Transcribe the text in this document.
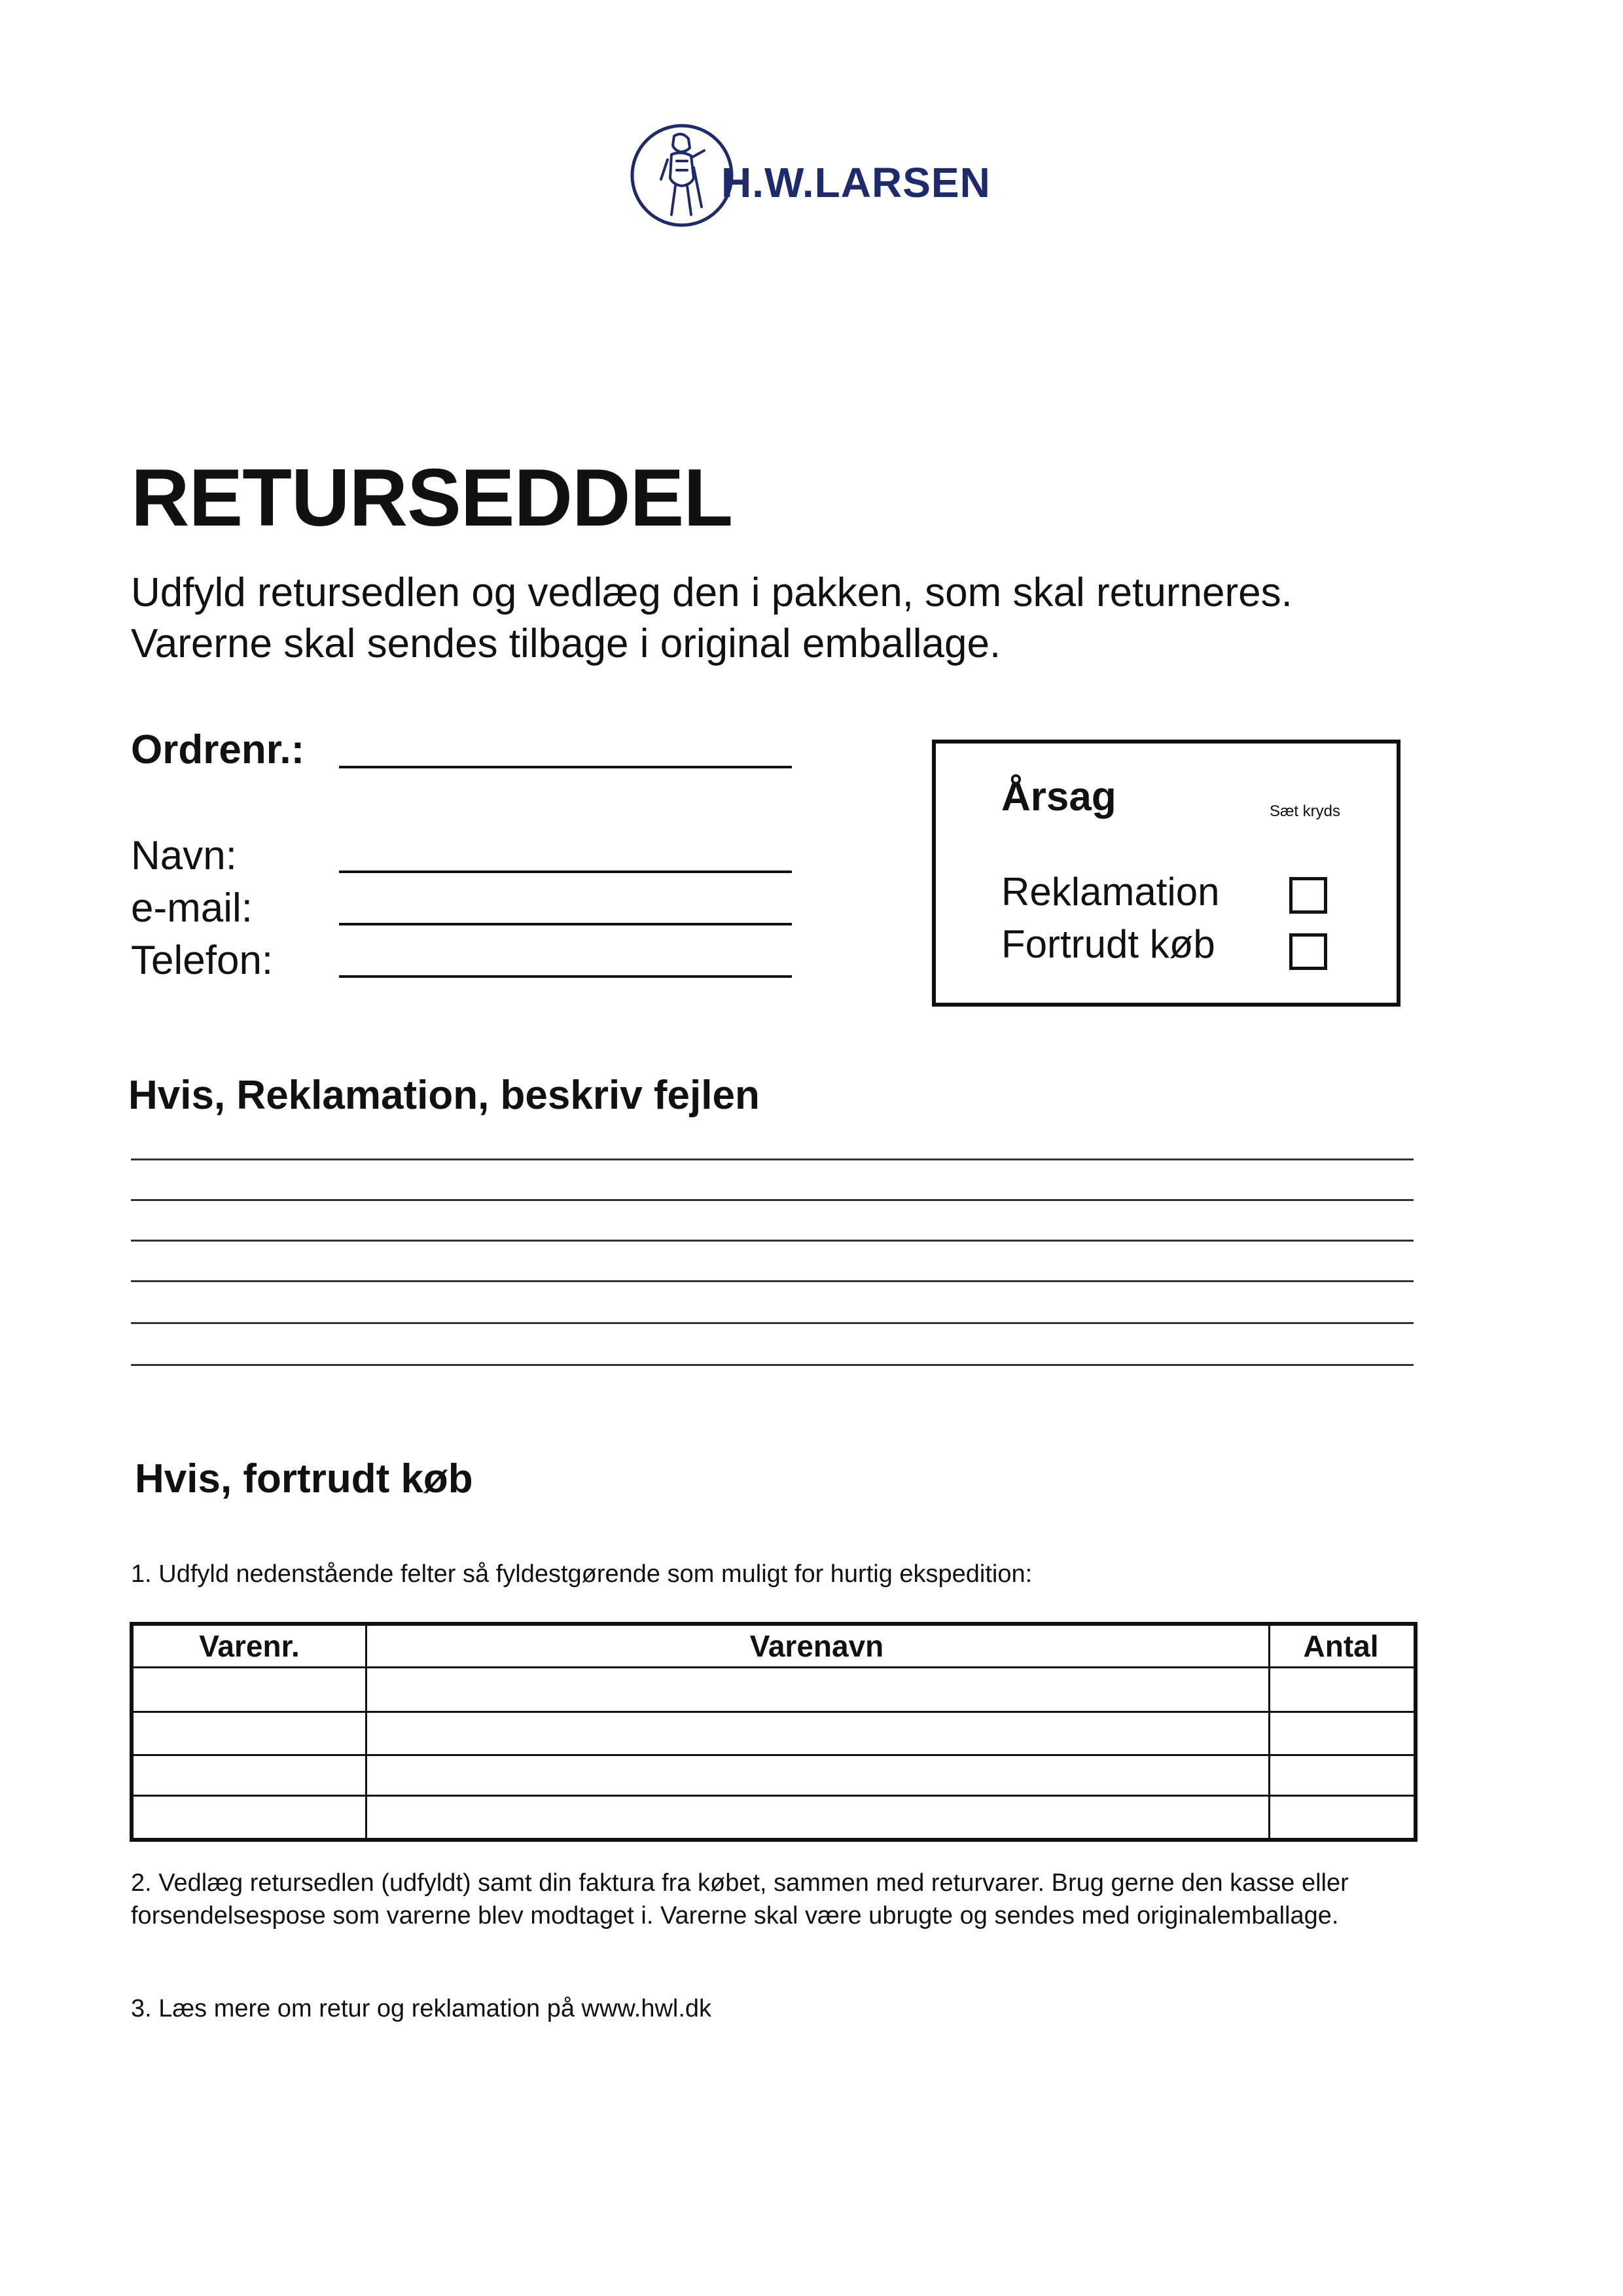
H.W.LARSEN
RETURSEDDEL
Udfyld retursedlen og vedlæg den i pakken, som skal returneres.
Varerne skal sendes tilbage i original emballage.
Ordrenr.:
Navn:
e-mail:
Telefon:
Årsag	Sæt kryds
Reklamation
Fortrudt køb
Hvis, Reklamation, beskriv fejlen
Hvis, fortrudt køb
1. Udfyld nedenstående felter så fyldestgørende som muligt for hurtig ekspedition:
Varenr.	Varenavn	Antal
2. Vedlæg retursedlen (udfyldt) samt din faktura fra købet, sammen med returvarer. Brug gerne den kasse eller
forsendelsespose som varerne blev modtaget i. Varerne skal være ubrugte og sendes med originalemballage.
3. Læs mere om retur og reklamation på www.hwl.dk
